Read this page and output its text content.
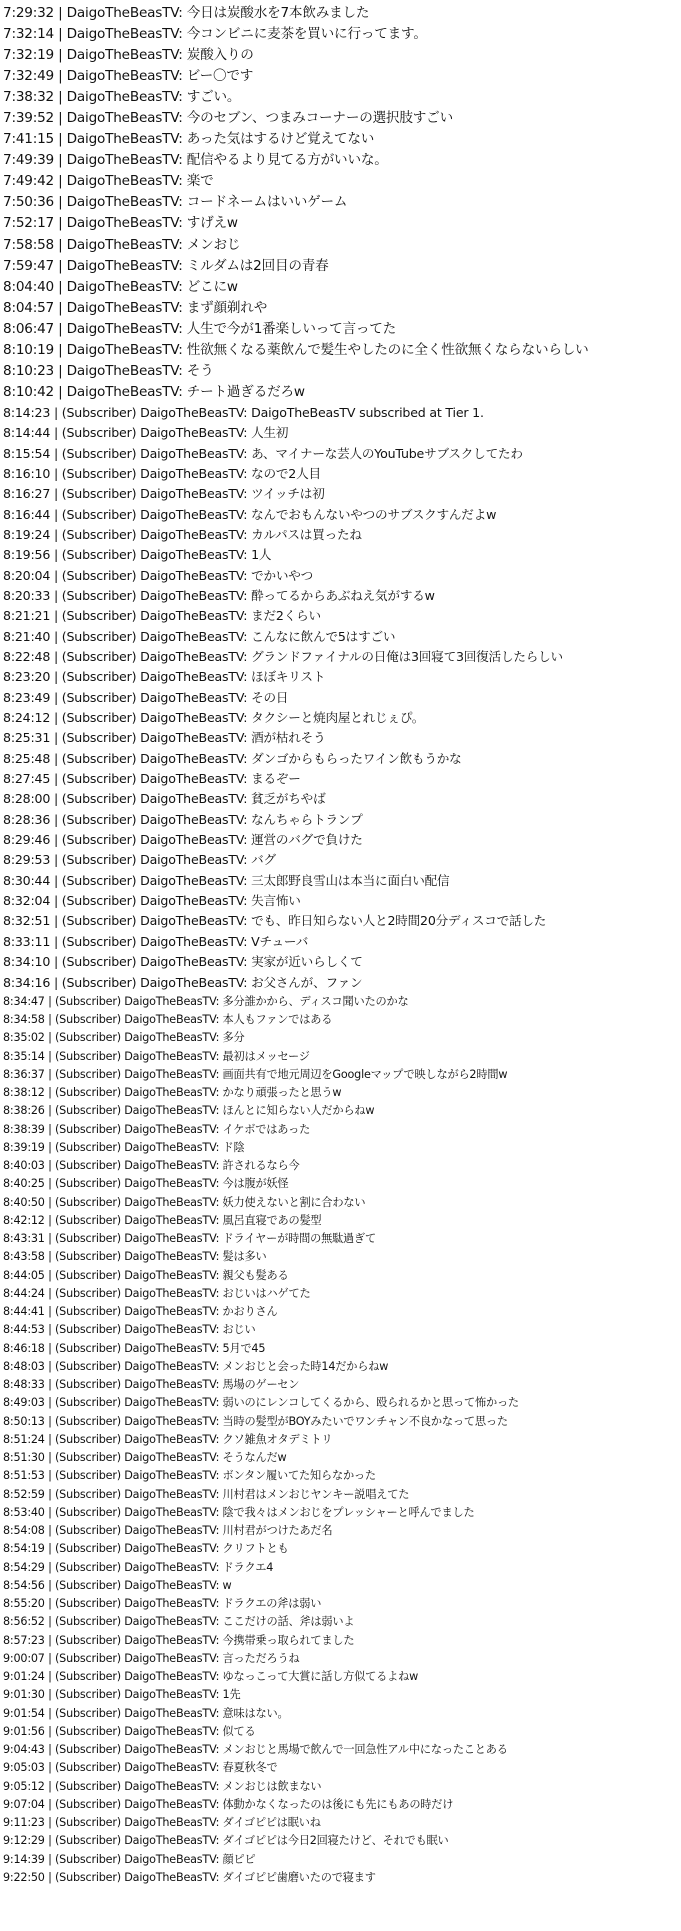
7:29:32 | DaigoTheBeasTV: 今日は炭酸水を7本飲みました
7:32:14 | DaigoTheBeasTV: 今コンビニに麦茶を買いに行ってます。
7:32:19 | DaigoTheBeasTV: 炭酸入りの
7:32:49 | DaigoTheBeasTV: ビー〇です
7:38:32 | DaigoTheBeasTV: すごい。
7:39:52 | DaigoTheBeasTV: 今のセブン、つまみコーナーの選択肢すごい
7:41:15 | DaigoTheBeasTV: あった気はするけど覚えてない
7:49:39 | DaigoTheBeasTV: 配信やるより見てる方がいいな。
7:49:42 | DaigoTheBeasTV: 楽で
7:50:36 | DaigoTheBeasTV: コードネームはいいゲーム
7:52:17 | DaigoTheBeasTV: すげえw
7:58:58 | DaigoTheBeasTV: メンおじ
7:59:47 | DaigoTheBeasTV: ミルダムは2回目の青春
8:04:40 | DaigoTheBeasTV: どこにw
8:04:57 | DaigoTheBeasTV: まず顔剃れや
8:06:47 | DaigoTheBeasTV: 人生で今が1番楽しいって言ってた
8:10:19 | DaigoTheBeasTV: 性欲無くなる薬飲んで髪生やしたのに全く性欲無くならないらしい
8:10:23 | DaigoTheBeasTV: そう
8:10:42 | DaigoTheBeasTV: チート過ぎるだろw
8:14:23 | (Subscriber) DaigoTheBeasTV: DaigoTheBeasTV subscribed at Tier 1.
8:14:44 | (Subscriber) DaigoTheBeasTV: 人生初
8:15:54 | (Subscriber) DaigoTheBeasTV: あ、マイナーな芸人のYouTubeサブスクしてたわ
8:16:10 | (Subscriber) DaigoTheBeasTV: なので2人目
8:16:27 | (Subscriber) DaigoTheBeasTV: ツイッチは初
8:16:44 | (Subscriber) DaigoTheBeasTV: なんでおもんないやつのサブスクすんだよw
8:19:24 | (Subscriber) DaigoTheBeasTV: カルパスは買ったね
8:19:56 | (Subscriber) DaigoTheBeasTV: 1人
8:20:04 | (Subscriber) DaigoTheBeasTV: でかいやつ
8:20:33 | (Subscriber) DaigoTheBeasTV: 酔ってるからあぶねえ気がするw
8:21:21 | (Subscriber) DaigoTheBeasTV: まだ2くらい
8:21:40 | (Subscriber) DaigoTheBeasTV: こんなに飲んで5はすごい
8:22:48 | (Subscriber) DaigoTheBeasTV: グランドファイナルの日俺は3回寝て3回復活したらしい
8:23:20 | (Subscriber) DaigoTheBeasTV: ほぼキリスト
8:23:49 | (Subscriber) DaigoTheBeasTV: その日
8:24:12 | (Subscriber) DaigoTheBeasTV: タクシーと焼肉屋とれじぇぴ。
8:25:31 | (Subscriber) DaigoTheBeasTV: 酒が枯れそう
8:25:48 | (Subscriber) DaigoTheBeasTV: ダンゴからもらったワイン飲もうかな
8:27:45 | (Subscriber) DaigoTheBeasTV: まるぞー
8:28:00 | (Subscriber) DaigoTheBeasTV: 貧乏がちやば
8:28:36 | (Subscriber) DaigoTheBeasTV: なんちゃらトランプ
8:29:46 | (Subscriber) DaigoTheBeasTV: 運営のバグで負けた
8:29:53 | (Subscriber) DaigoTheBeasTV: バグ
8:30:44 | (Subscriber) DaigoTheBeasTV: 三太郎野良雪山は本当に面白い配信
8:32:04 | (Subscriber) DaigoTheBeasTV: 失言怖い
8:32:51 | (Subscriber) DaigoTheBeasTV: でも、昨日知らない人と2時間20分ディスコで話した
8:33:11 | (Subscriber) DaigoTheBeasTV: Vチューバ
8:34:10 | (Subscriber) DaigoTheBeasTV: 実家が近いらしくて
8:34:16 | (Subscriber) DaigoTheBeasTV: お父さんが、ファン
8:34:47 | (Subscriber) DaigoTheBeasTV: 多分誰かから、ディスコ聞いたのかな
8:34:58 | (Subscriber) DaigoTheBeasTV: 本人もファンではある
8:35:02 | (Subscriber) DaigoTheBeasTV: 多分
8:35:14 | (Subscriber) DaigoTheBeasTV: 最初はメッセージ
8:36:37 | (Subscriber) DaigoTheBeasTV: 画面共有で地元周辺をGoogleマップで映しながら2時間w
8:38:12 | (Subscriber) DaigoTheBeasTV: かなり頑張ったと思うw
8:38:26 | (Subscriber) DaigoTheBeasTV: ほんとに知らない人だからねw
8:38:39 | (Subscriber) DaigoTheBeasTV: イケボではあった
8:39:19 | (Subscriber) DaigoTheBeasTV: ド陰
8:40:03 | (Subscriber) DaigoTheBeasTV: 許されるなら今
8:40:25 | (Subscriber) DaigoTheBeasTV: 今は腹が妖怪
8:40:50 | (Subscriber) DaigoTheBeasTV: 妖力使えないと割に合わない
8:42:12 | (Subscriber) DaigoTheBeasTV: 風呂直寝であの髪型
8:43:31 | (Subscriber) DaigoTheBeasTV: ドライヤーが時間の無駄過ぎて
8:43:58 | (Subscriber) DaigoTheBeasTV: 髪は多い
8:44:05 | (Subscriber) DaigoTheBeasTV: 親父も髪ある
8:44:24 | (Subscriber) DaigoTheBeasTV: おじいはハゲてた
8:44:41 | (Subscriber) DaigoTheBeasTV: かおりさん
8:44:53 | (Subscriber) DaigoTheBeasTV: おじい
8:46:18 | (Subscriber) DaigoTheBeasTV: 5月で45
8:48:03 | (Subscriber) DaigoTheBeasTV: メンおじと会った時14だからねw
8:48:33 | (Subscriber) DaigoTheBeasTV: 馬場のゲーセン
8:49:03 | (Subscriber) DaigoTheBeasTV: 弱いのにレンコしてくるから、殴られるかと思って怖かった
8:50:13 | (Subscriber) DaigoTheBeasTV: 当時の髪型がBOYみたいでワンチャン不良かなって思った
8:51:24 | (Subscriber) DaigoTheBeasTV: クソ雑魚オタデミトリ
8:51:30 | (Subscriber) DaigoTheBeasTV: そうなんだw
8:51:53 | (Subscriber) DaigoTheBeasTV: ボンタン履いてた知らなかった
8:52:59 | (Subscriber) DaigoTheBeasTV: 川村君はメンおじヤンキー説唱えてた
8:53:40 | (Subscriber) DaigoTheBeasTV: 陰で我々はメンおじをプレッシャーと呼んでました
8:54:08 | (Subscriber) DaigoTheBeasTV: 川村君がつけたあだ名
8:54:19 | (Subscriber) DaigoTheBeasTV: クリフトとも
8:54:29 | (Subscriber) DaigoTheBeasTV: ドラクエ4
8:54:56 | (Subscriber) DaigoTheBeasTV: w
8:55:20 | (Subscriber) DaigoTheBeasTV: ドラクエの斧は弱い
8:56:52 | (Subscriber) DaigoTheBeasTV: ここだけの話、斧は弱いよ
8:57:23 | (Subscriber) DaigoTheBeasTV: 今携帯乗っ取られてました
9:00:07 | (Subscriber) DaigoTheBeasTV: 言っただろうね
9:01:24 | (Subscriber) DaigoTheBeasTV: ゆなっこって大賞に話し方似てるよねw
9:01:30 | (Subscriber) DaigoTheBeasTV: 1先
9:01:54 | (Subscriber) DaigoTheBeasTV: 意味はない。
9:01:56 | (Subscriber) DaigoTheBeasTV: 似てる
9:04:43 | (Subscriber) DaigoTheBeasTV: メンおじと馬場で飲んで一回急性アル中になったことある
9:05:03 | (Subscriber) DaigoTheBeasTV: 春夏秋冬で
9:05:12 | (Subscriber) DaigoTheBeasTV: メンおじは飲まない
9:07:04 | (Subscriber) DaigoTheBeasTV: 体動かなくなったのは後にも先にもあの時だけ
9:11:23 | (Subscriber) DaigoTheBeasTV: ダイゴピピは眠いね
9:12:29 | (Subscriber) DaigoTheBeasTV: ダイゴピピは今日2回寝たけど、それでも眠い
9:14:39 | (Subscriber) DaigoTheBeasTV: 顔ピピ
9:22:50 | (Subscriber) DaigoTheBeasTV: ダイゴピピ歯磨いたので寝ます
